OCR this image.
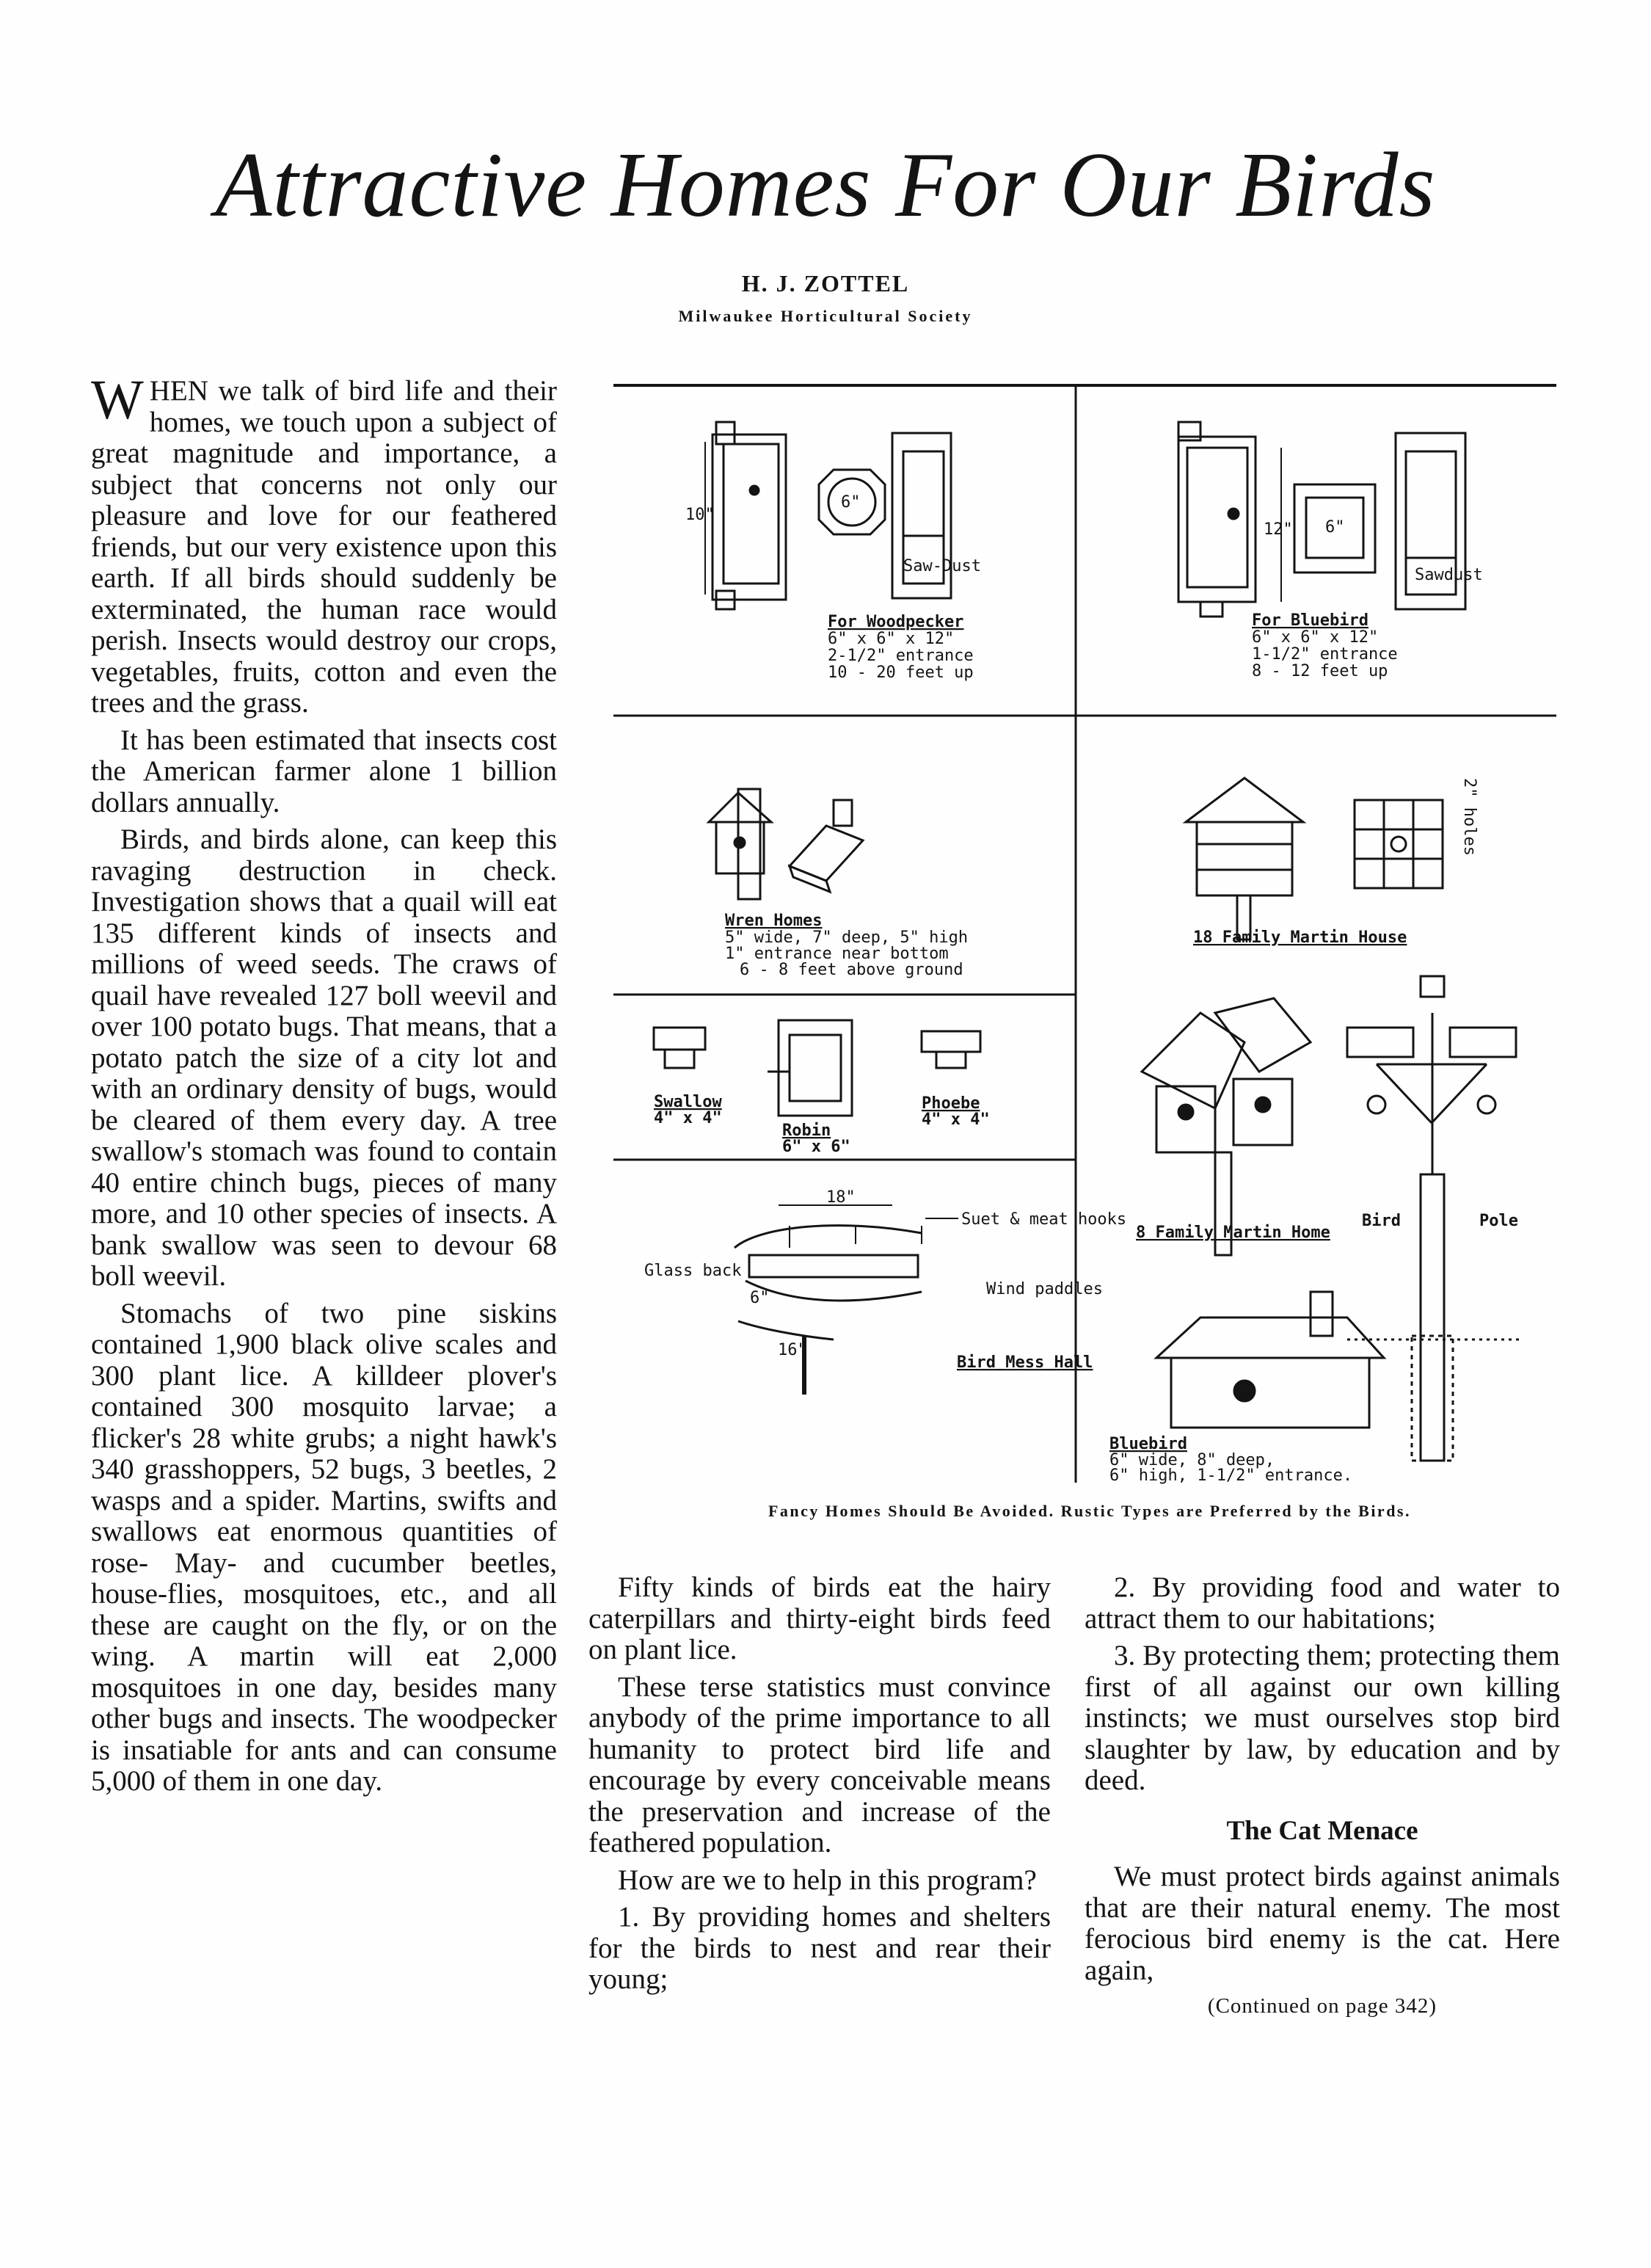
Attractive Homes For Our Birds
H. J. ZOTTEL
Milwaukee Horticultural Society

WHEN we talk of bird life and their homes, we touch upon a subject of great magnitude and importance, a subject that concerns not only our pleasure and love for our feathered friends, but our very existence upon this earth. If all birds should suddenly be exterminated, the human race would perish. Insects would destroy our crops, vegetables, fruits, cotton and even the trees and the grass.

It has been estimated that insects cost the American farmer alone 1 billion dollars annually.

Birds, and birds alone, can keep this ravaging destruction in check. Investigation shows that a quail will eat 135 different kinds of insects and millions of weed seeds. The craws of quail have revealed 127 boll weevil and over 100 potato bugs. That means, that a potato patch the size of a city lot and with an ordinary density of bugs, would be cleared of them every day. A tree swallow's stomach was found to contain 40 entire chinch bugs, pieces of many more, and 10 other species of insects. A bank swallow was seen to devour 68 boll weevil.

Stomachs of two pine siskins contained 1,900 black olive scales and 300 plant lice. A killdeer plover's contained 300 mosquito larvae; a flicker's 28 white grubs; a night hawk's 340 grasshoppers, 52 bugs, 3 beetles, 2 wasps and a spider. Martins, swifts and swallows eat enormous quantities of rose- May- and cucumber beetles, house-flies, mosquitoes, etc., and all these are caught on the fly, or on the wing. A martin will eat 2,000 mosquitoes in one day, besides many other bugs and insects. The woodpecker is insatiable for ants and can consume 5,000 of them in one day.

Fifty kinds of birds eat the hairy caterpillars and thirty-eight birds feed on plant lice.

These terse statistics must convince anybody of the prime importance to all humanity to protect bird life and encourage by every conceivable means the preservation and increase of the feathered population.

How are we to help in this program?

1. By providing homes and shelters for the birds to nest and rear their young;

2. By providing food and water to attract them to our habitations;

3. By protecting them; protecting them first of all against our own killing instincts; we must ourselves stop bird slaughter by law, by education and by deed.

The Cat Menace

We must protect birds against animals that are their natural enemy. The most ferocious bird enemy is the cat. Here again,

(Continued on page 342)
Fancy Homes Should Be Avoided. Rustic Types are Preferred by the Birds.
10"
6"
Saw-Dust
For Woodpecker
6" x 6" x 12"
2-1/2" entrance
10 - 20 feet up
12" 6"
Sawdust
For Bluebird
6" x 6" x 12"
1-1/2" entrance
8 - 12 feet up
Wren Homes
5" wide, 7" deep, 5" high
1" entrance near bottom
6 - 8 feet above ground
2" holes
18 Family Martin House
Swallow
4" x 4"
Robin
6" x 6"
Phoebe
4" x 4"
18"
Suet & meat hooks
Glass back
6"
16"
Wind paddles
Bird Mess Hall
8 Family Martin Home
Bird	Pole
Bluebird
6" wide, 8" deep,
6" high, 1-1/2" entrance.
